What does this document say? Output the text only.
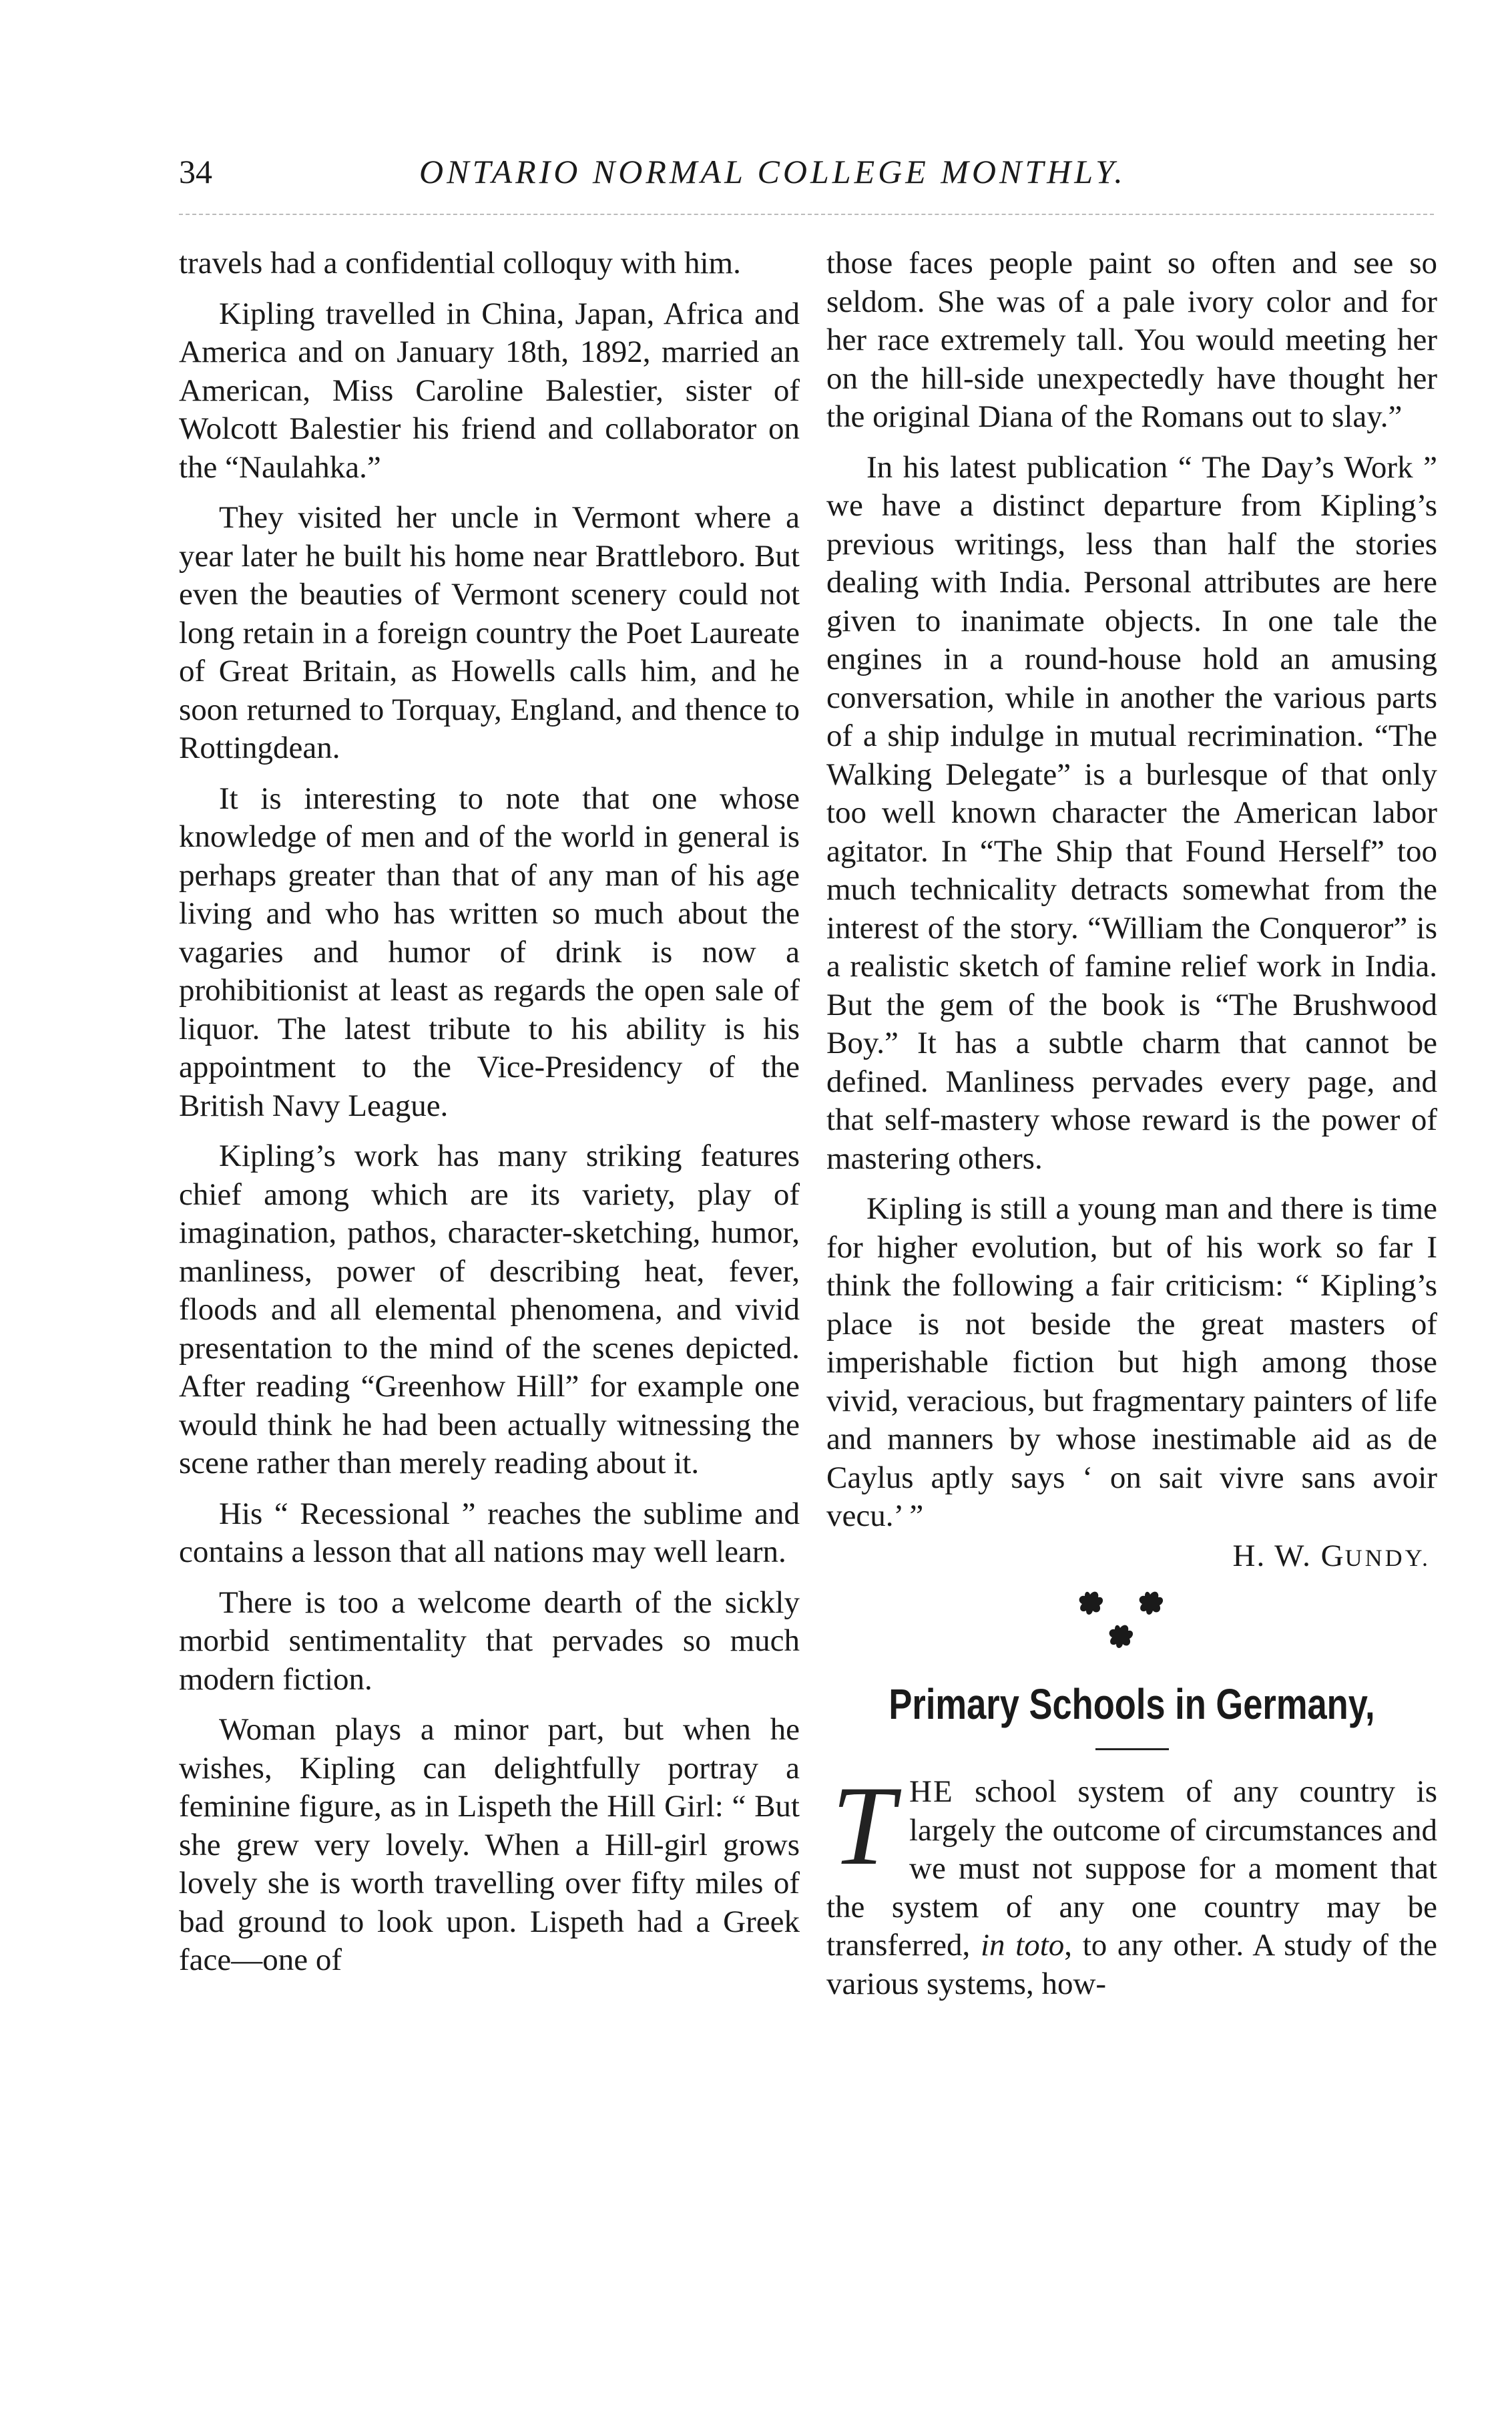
34	ONTARIO NORMAL COLLEGE MONTHLY.

travels had a confidential colloquy with him.

Kipling travelled in China, Japan, Africa and America and on January 18th, 1892, married an American, Miss Caroline Balestier, sister of Wolcott Balestier his friend and collaborator on the “Naulahka.”

They visited her uncle in Vermont where a year later he built his home near Brattleboro. But even the beauties of Vermont scenery could not long retain in a foreign country the Poet Laureate of Great Britain, as Howells calls him, and he soon returned to Torquay, England, and thence to Rottingdean.

It is interesting to note that one whose knowledge of men and of the world in general is perhaps greater than that of any man of his age living and who has written so much about the vagaries and humor of drink is now a prohibitionist at least as regards the open sale of liquor. The latest tribute to his ability is his appointment to the Vice-Presidency of the British Navy League.

Kipling’s work has many striking features chief among which are its variety, play of imagination, pathos, character-sketching, humor, manliness, power of describing heat, fever, floods and all elemental phenomena, and vivid presentation to the mind of the scenes depicted. After reading “Greenhow Hill” for example one would think he had been actually witnessing the scene rather than merely reading about it.

His “ Recessional ” reaches the sublime and contains a lesson that all nations may well learn.

There is too a welcome dearth of the sickly morbid sentimentality that pervades so much modern fiction.

Woman plays a minor part, but when he wishes, Kipling can delightfully portray a feminine figure, as in Lispeth the Hill Girl: “ But she grew very lovely. When a Hill-girl grows lovely she is worth travelling over fifty miles of bad ground to look upon. Lispeth had a Greek face—one of

those faces people paint so often and see so seldom. She was of a pale ivory color and for her race extremely tall. You would meeting her on the hill-side unexpectedly have thought her the original Diana of the Romans out to slay.”

In his latest publication “ The Day’s Work ” we have a distinct departure from Kipling’s previous writings, less than half the stories dealing with India. Personal attributes are here given to inanimate objects. In one tale the engines in a round-house hold an amusing conversation, while in another the various parts of a ship indulge in mutual recrimination. “The Walking Delegate” is a burlesque of that only too well known character the American labor agitator. In “The Ship that Found Herself” too much technicality detracts somewhat from the interest of the story. “William the Conqueror” is a realistic sketch of famine relief work in India. But the gem of the book is “The Brushwood Boy.” It has a subtle charm that cannot be defined. Manliness pervades every page, and that self-mastery whose reward is the power of mastering others.

Kipling is still a young man and there is time for higher evolution, but of his work so far I think the following a fair criticism: “ Kipling’s place is not beside the great masters of imperishable fiction but high among those vivid, veracious, but fragmentary painters of life and manners by whose inestimable aid as de Caylus aptly says ‘ on sait vivre sans avoir vecu.’ ”

H. W. GUNDY.
Primary Schools in Germany,
T HE school system of any country is largely the outcome of circumstances and we must not suppose for a moment that the system of any one country may be transferred, in toto, to any other. A study of the various systems, how-
